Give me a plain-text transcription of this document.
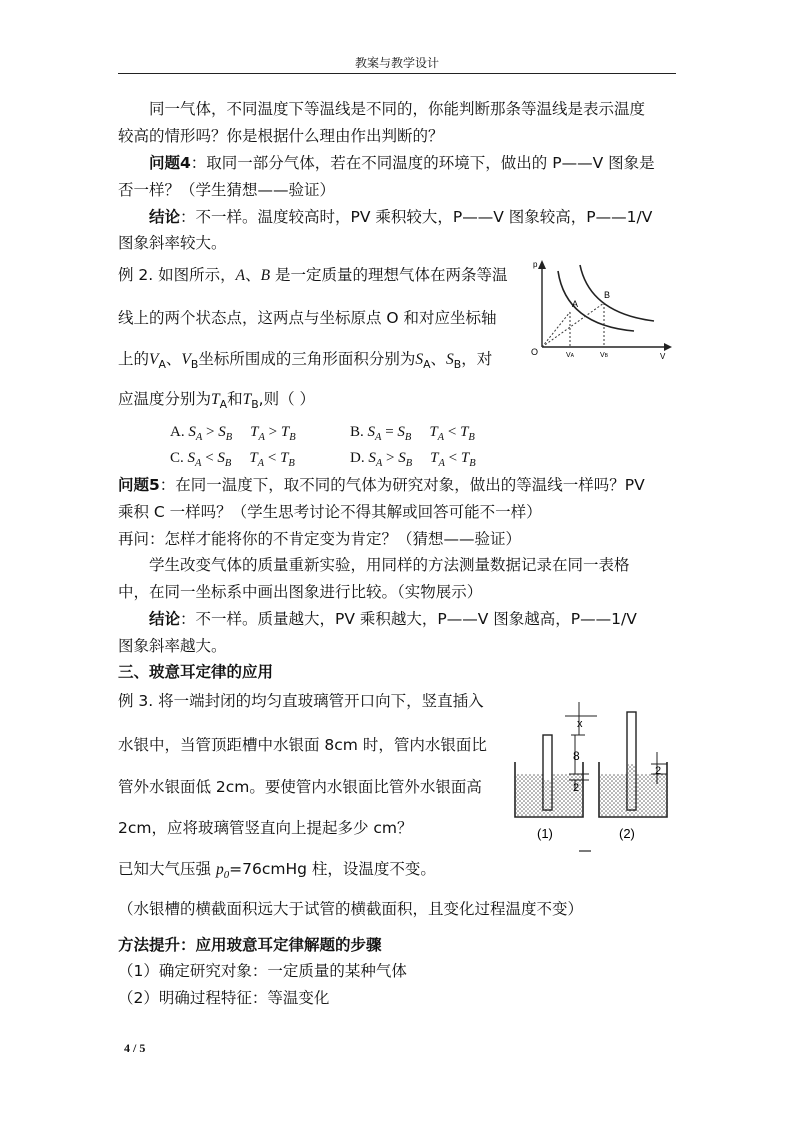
教案与教学设计
同一气体，不同温度下等温线是不同的，你能判断那条等温线是表示温度
较高的情形吗？你是根据什么理由作出判断的？
问题4：取同一部分气体，若在不同温度的环境下，做出的 P——V 图象是
否一样？（学生猜想——验证）
结论：不一样。温度较高时，PV 乘积较大，P——V 图象较高，P——1/V
图象斜率较大。
例 2. 如图所示，A、B 是一定质量的理想气体在两条等温
线上的两个状态点，这两点与坐标原点 O 和对应坐标轴
上的$V_A$、$V_B$坐标所围成的三角形面积分别为$S_A$、$S_B$，对
应温度分别为$T_A$和$T_B$,则（ ）
p
A
B
O	V
VA	VB
A. $S_A > S_B$ $T_A > T_B$	B. $S_A = S_B$ $T_A < T_B$
C. $S_A < S_B$ $T_A < T_B$	D. $S_A > S_B$ $T_A < T_B$
问题5：在同一温度下，取不同的气体为研究对象，做出的等温线一样吗？PV
乘积 C 一样吗？（学生思考讨论不得其解或回答可能不一样）
再问：怎样才能将你的不肯定变为肯定？（猜想——验证）
学生改变气体的质量重新实验，用同样的方法测量数据记录在同一表格
中，在同一坐标系中画出图象进行比较。（实物展示）
结论：不一样。质量越大，PV 乘积越大，P——V 图象越高，P——1/V
图象斜率越大。
三、玻意耳定律的应用
例 3. 将一端封闭的均匀直玻璃管开口向下，竖直插入
水银中，当管顶距槽中水银面 8cm 时，管内水银面比
管外水银面低 2cm。要使管内水银面比管外水银面高
2cm，应将玻璃管竖直向上提起多少 cm？
已知大气压强 $p_0=76cmHg$ 柱，设温度不变。
（水银槽的横截面积远大于试管的横截面积，且变化过程温度不变）
8
2
x
2
(1)	(2)
方法提升：应用玻意耳定律解题的步骤
（1）确定研究对象：一定质量的某种气体
（2）明确过程特征：等温变化
4 / 5
